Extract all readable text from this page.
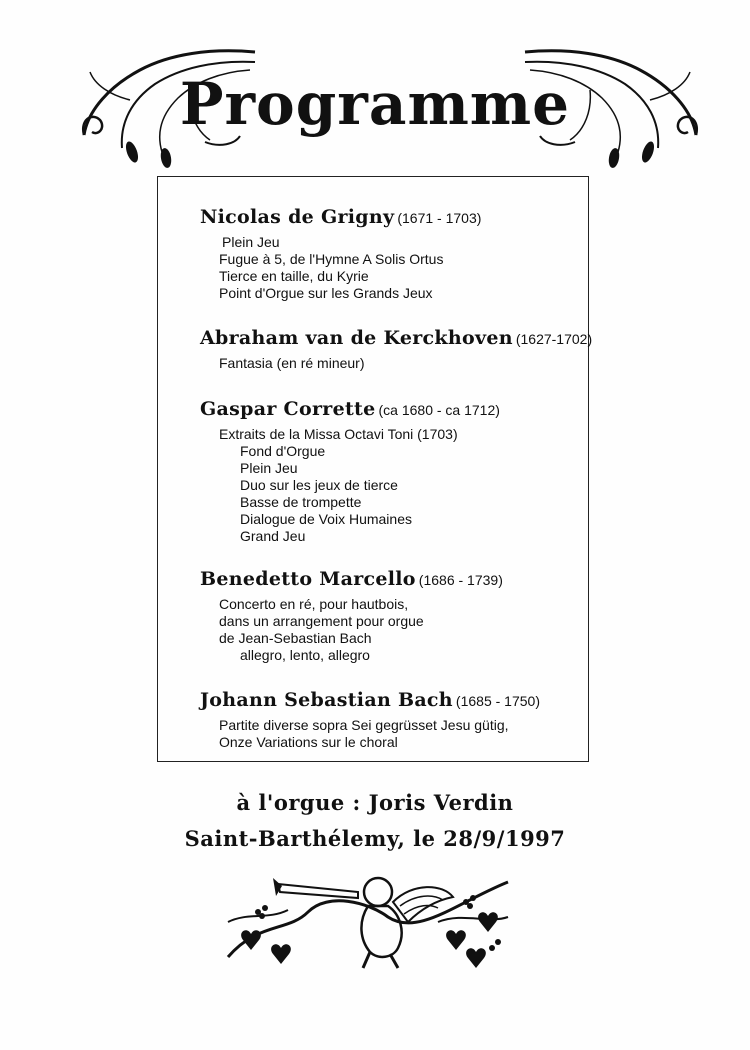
Programme
Nicolas de Grigny (1671 - 1703)
Plein Jeu
Fugue à 5, de l'Hymne A Solis Ortus
Tierce en taille, du Kyrie
Point d'Orgue sur les Grands Jeux
Abraham van de Kerckhoven (1627-1702)
Fantasia (en ré mineur)
Gaspar Corrette (ca 1680 - ca 1712)
Extraits de la Missa Octavi Toni (1703)
Fond d'Orgue
Plein Jeu
Duo sur les jeux de tierce
Basse de trompette
Dialogue de Voix Humaines
Grand Jeu
Benedetto Marcello (1686 - 1739)
Concerto en ré, pour hautbois,
dans un arrangement pour orgue
de Jean-Sebastian Bach
allegro, lento, allegro
Johann Sebastian Bach (1685 - 1750)
Partite diverse sopra Sei gegrüsset Jesu gütig,
Onze Variations sur le choral
à l'orgue : Joris Verdin
Saint-Barthélemy, le 28/9/1997
